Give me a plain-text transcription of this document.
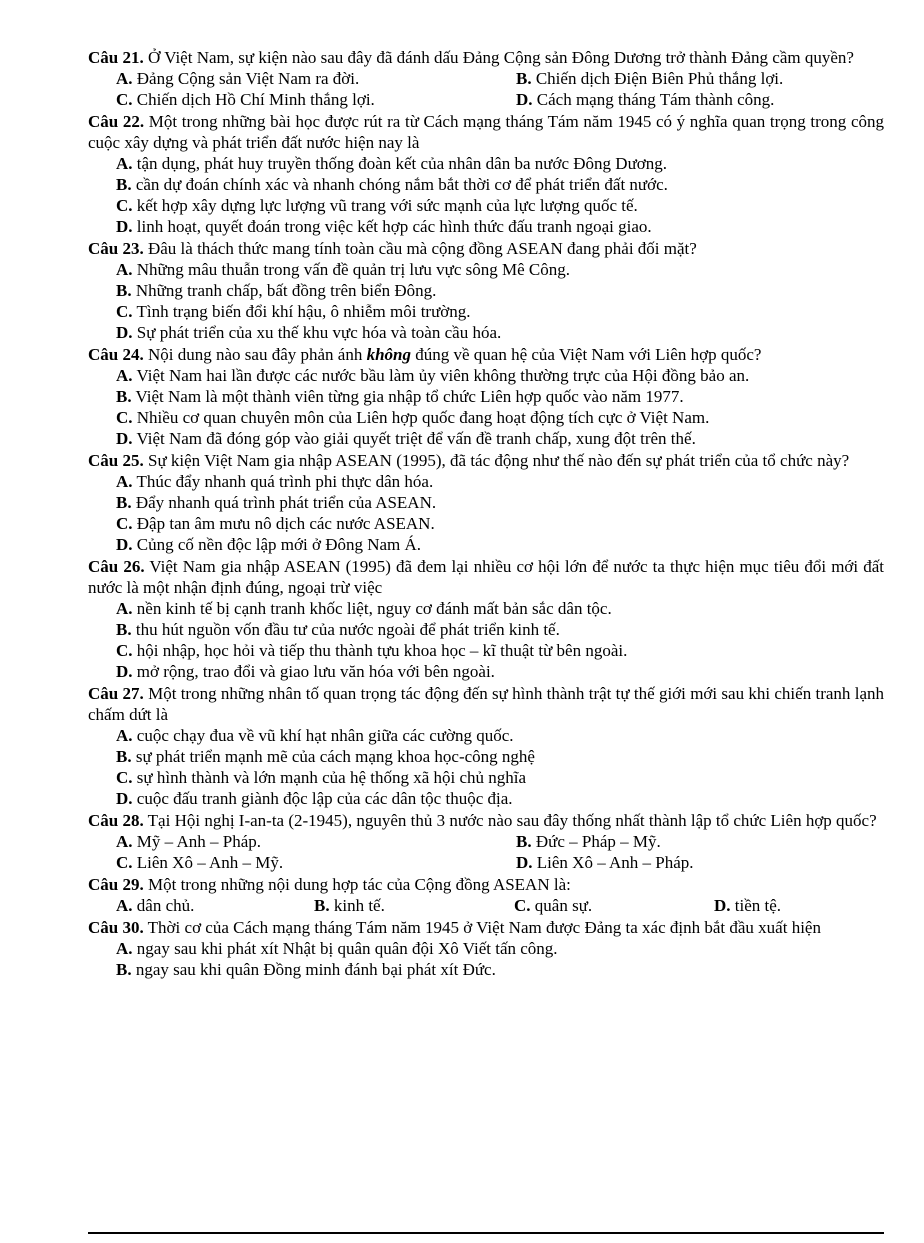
Câu 21. Ở Việt Nam, sự kiện nào sau đây đã đánh dấu Đảng Cộng sản Đông Dương trở thành Đảng cầm quyền?
A. Đảng Cộng sản Việt Nam ra đời.	B. Chiến dịch Điện Biên Phủ thắng lợi.
C. Chiến dịch Hồ Chí Minh thắng lợi.	D. Cách mạng tháng Tám thành công.
Câu 22. Một trong những bài học được rút ra từ Cách mạng tháng Tám năm 1945 có ý nghĩa quan trọng trong công cuộc xây dựng và phát triển đất nước hiện nay là
A. tận dụng, phát huy truyền thống đoàn kết của nhân dân ba nước Đông Dương.
B. cần dự đoán chính xác và nhanh chóng nắm bắt thời cơ để phát triển đất nước.
C. kết hợp xây dựng lực lượng vũ trang với sức mạnh của lực lượng quốc tế.
D. linh hoạt, quyết đoán trong việc kết hợp các hình thức đấu tranh ngoại giao.
Câu 23. Đâu là thách thức mang tính toàn cầu mà cộng đồng ASEAN đang phải đối mặt?
A. Những mâu thuẫn trong vấn đề quản trị lưu vực sông Mê Công.
B. Những tranh chấp, bất đồng trên biển Đông.
C. Tình trạng biến đổi khí hậu, ô nhiễm môi trường.
D. Sự phát triển của xu thế khu vực hóa và toàn cầu hóa.
Câu 24. Nội dung nào sau đây phản ánh không đúng về quan hệ của Việt Nam với Liên hợp quốc?
A. Việt Nam hai lần được các nước bầu làm ủy viên không thường trực của Hội đồng bảo an.
B. Việt Nam là một thành viên từng gia nhập tổ chức Liên hợp quốc vào năm 1977.
C. Nhiều cơ quan chuyên môn của Liên hợp quốc đang hoạt động tích cực ở Việt Nam.
D. Việt Nam đã đóng góp vào giải quyết triệt để vấn đề tranh chấp, xung đột trên thế.
Câu 25. Sự kiện Việt Nam gia nhập ASEAN (1995), đã tác động như thế nào đến sự phát triển của tổ chức này?
A. Thúc đẩy nhanh quá trình phi thực dân hóa.
B. Đẩy nhanh quá trình phát triển của ASEAN.
C. Đập tan âm mưu nô dịch các nước ASEAN.
D. Củng cố nền độc lập mới ở Đông Nam Á.
Câu 26. Việt Nam gia nhập ASEAN (1995) đã đem lại nhiều cơ hội lớn để nước ta thực hiện mục tiêu đổi mới đất nước là một nhận định đúng, ngoại trừ việc
A. nền kinh tế bị cạnh tranh khốc liệt, nguy cơ đánh mất bản sắc dân tộc.
B. thu hút nguồn vốn đầu tư của nước ngoài để phát triển kinh tế.
C. hội nhập, học hỏi và tiếp thu thành tựu khoa học – kĩ thuật từ bên ngoài.
D. mở rộng, trao đổi và giao lưu văn hóa với bên ngoài.
Câu 27. Một trong những nhân tố quan trọng tác động đến sự hình thành trật tự thế giới mới sau khi chiến tranh lạnh chấm dứt là
A. cuộc chạy đua về vũ khí hạt nhân giữa các cường quốc.
B. sự phát triển mạnh mẽ của cách mạng khoa học-công nghệ
C. sự hình thành và lớn mạnh của hệ thống xã hội chủ nghĩa
D. cuộc đấu tranh giành độc lập của các dân tộc thuộc địa.
Câu 28. Tại Hội nghị I-an-ta (2-1945), nguyên thủ 3 nước nào sau đây thống nhất thành lập tổ chức Liên hợp quốc?
A. Mỹ – Anh – Pháp.	B. Đức – Pháp – Mỹ.
C. Liên Xô – Anh – Mỹ.	D. Liên Xô – Anh – Pháp.
Câu 29. Một trong những nội dung hợp tác của Cộng đồng ASEAN là:
A. dân chủ.	B. kinh tế.	C. quân sự.	D. tiền tệ.
Câu 30. Thời cơ của Cách mạng tháng Tám năm 1945 ở Việt Nam được Đảng ta xác định bắt đầu xuất hiện
A. ngay sau khi phát xít Nhật bị quân quân đội Xô Viết tấn công.
B. ngay sau khi quân Đồng minh đánh bại phát xít Đức.
